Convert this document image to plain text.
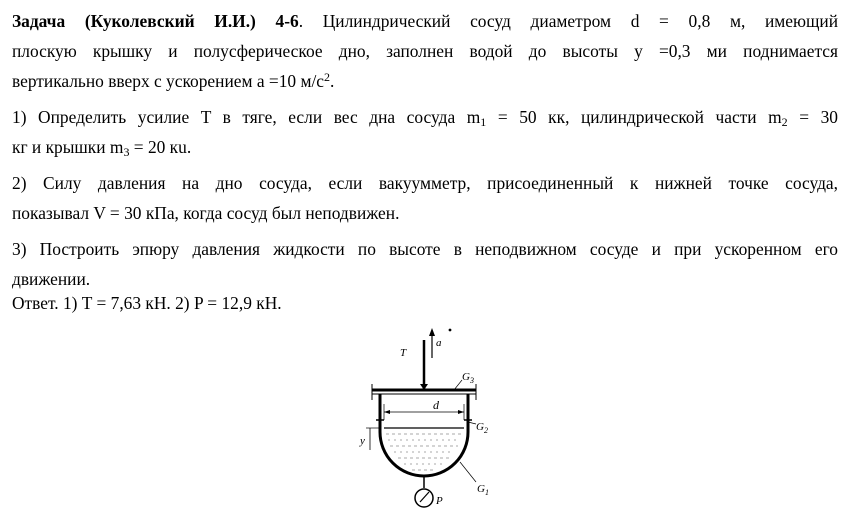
Задача (Куколевский И.И.) 4-6. Цилиндрический сосуд диаметром d = 0,8 м, имеющий

плоскую крышку и полусферическое дно, заполнен водой до высоты y =0,3 ми поднимается

вертикально вверх с ускорением a =10 $м/с^2$.

1) Определить усилие T в тяге, если вес дна сосуда $m_1 = 50$ кк, цилиндрической части $m_2 = 30$

кг и крышки $m_3 = 20$ кu.

2) Силу давления на дно сосуда, если вакуумметр, присоединенный к нижней точке сосуда,

показывал V = 30 кПа, когда сосуд был неподвижен.

3) Построить эпюру давления жидкости по высоте в неподвижном сосуде и при ускоренном его

движении.

Ответ. 1) T = 7,63 кН. 2) P = 12,9 кН.

T
a
$G_3$
d
$G_2$
y
$G_1$
P
